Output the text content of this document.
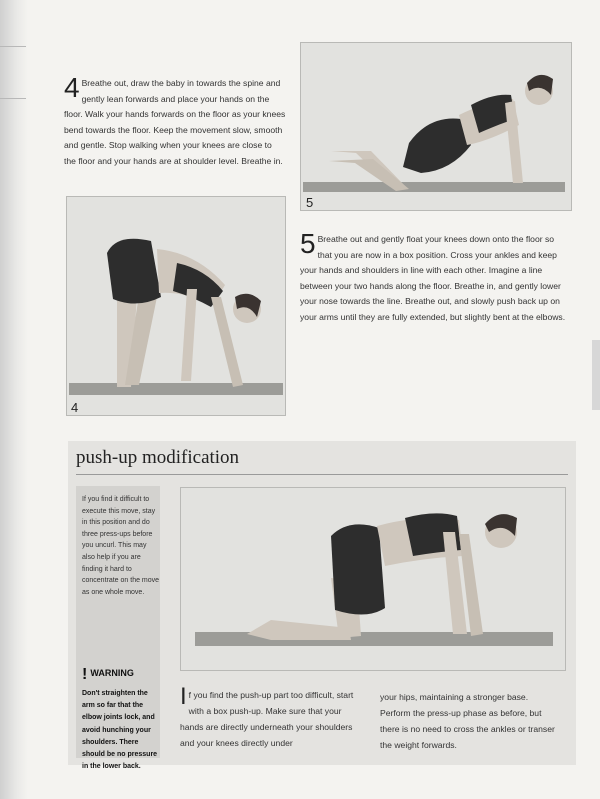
4 Breathe out, draw the baby in towards the spine and gently lean forwards and place your hands on the floor. Walk your hands forwards on the floor as your knees bend towards the floor. Keep the movement slow, smooth and gentle. Stop walking when your knees are close to the floor and your hands are at shoulder level. Breathe in.
5
4
5 Breathe out and gently float your knees down onto the floor so that you are now in a box position. Cross your ankles and keep your hands and shoulders in line with each other. Imagine a line between your two hands along the floor. Breathe in, and gently lower your nose towards the line. Breathe out, and slowly push back up on your arms until they are fully extended, but slightly bent at the elbows.
push-up modification
If you find it difficult to execute this move, stay in this position and do three press-ups before you uncurl. This may also help if you are finding it hard to concentrate on the move as one whole move.
! WARNING
Don't straighten the arm so far that the elbow joints lock, and avoid hunching your shoulders. There should be no pressure in the lower back.
I f you find the push-up part too difficult, start with a box push-up. Make sure that your hands are directly underneath your shoulders and your knees directly under
your hips, maintaining a stronger base. Perform the press-up phase as before, but there is no need to cross the ankles or transer the weight forwards.
